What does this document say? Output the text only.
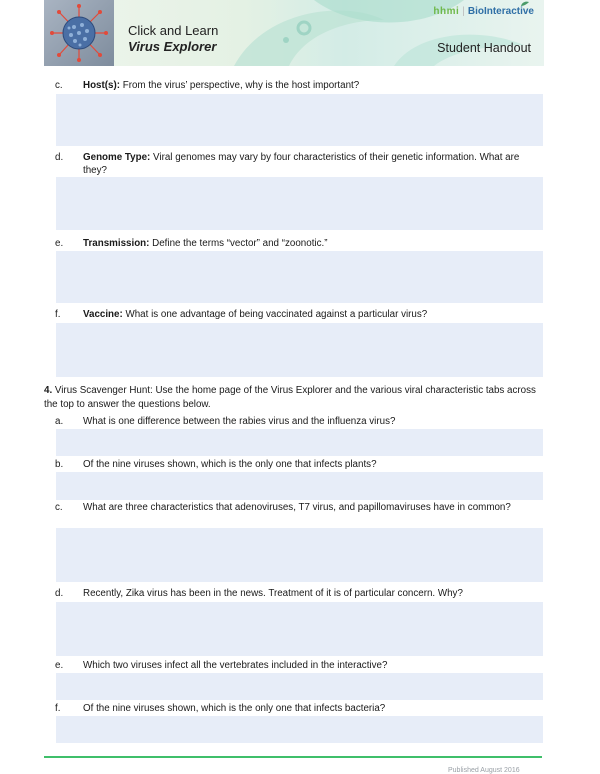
Click and Learn
Virus Explorer
hhmi | BioInteractive
Student Handout
c. Host(s): From the virus’ perspective, why is the host important?
d. Genome Type: Viral genomes may vary by four characteristics of their genetic information. What are they?
e. Transmission: Define the terms “vector” and “zoonotic.”
f. Vaccine: What is one advantage of being vaccinated against a particular virus?
4. Virus Scavenger Hunt: Use the home page of the Virus Explorer and the various viral characteristic tabs across the top to answer the questions below.
a. What is one difference between the rabies virus and the influenza virus?
b. Of the nine viruses shown, which is the only one that infects plants?
c. What are three characteristics that adenoviruses, T7 virus, and papillomaviruses have in common?
d. Recently, Zika virus has been in the news. Treatment of it is of particular concern. Why?
e. Which two viruses infect all the vertebrates included in the interactive?
f. Of the nine viruses shown, which is the only one that infects bacteria?
Published August 2016
